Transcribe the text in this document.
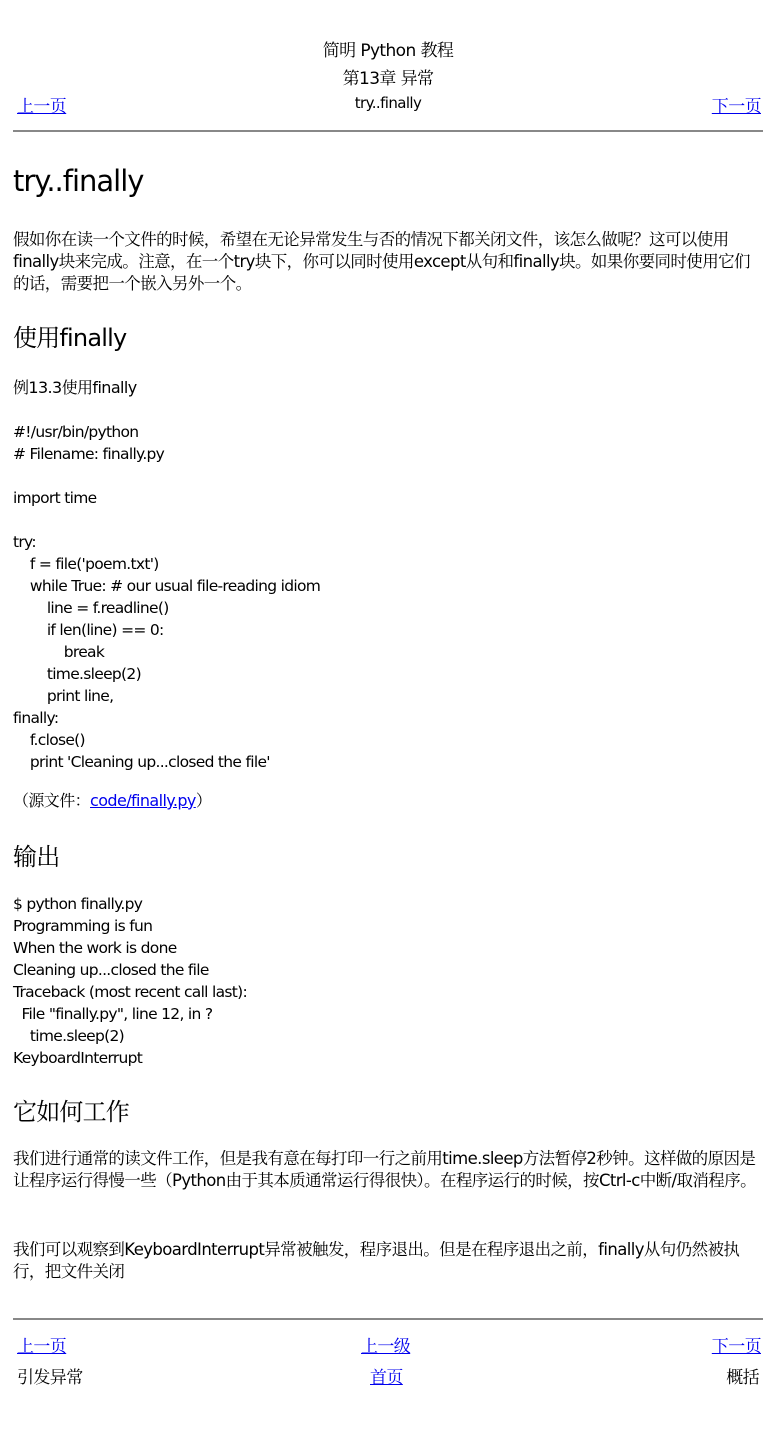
简明 Python 教程
第13章 异常
上一页	try..finally	下一页
try..finally

假如你在读一个文件的时候，希望在无论异常发生与否的情况下都关闭文件，该怎么做呢？这可以使用finally块来完成。注意，在一个try块下，你可以同时使用except从句和finally块。如果你要同时使用它们的话，需要把一个嵌入另外一个。

使用finally
例13.3使用finally
#!/usr/bin/python
# Filename: finally.py

import time

try:
f = file('poem.txt')
while True: # our usual file-reading idiom
line = f.readline()
if len(line) == 0:
break
time.sleep(2)
print line,
finally:
f.close()
print 'Cleaning up...closed the file'
（源文件：code/finally.py）
输出
$ python finally.py
Programming is fun
When the work is done
Cleaning up...closed the file
Traceback (most recent call last):
File "finally.py", line 12, in ?
time.sleep(2)
KeyboardInterrupt
它如何工作

我们进行通常的读文件工作，但是我有意在每打印一行之前用time.sleep方法暂停2秒钟。这样做的原因是让程序运行得慢一些（Python由于其本质通常运行得很快）。在程序运行的时候，按Ctrl-c中断/取消程序。

我们可以观察到KeyboardInterrupt异常被触发，程序退出。但是在程序退出之前，finally从句仍然被执行，把文件关闭

上一页	上一级	下一页
引发异常	首页	概括
